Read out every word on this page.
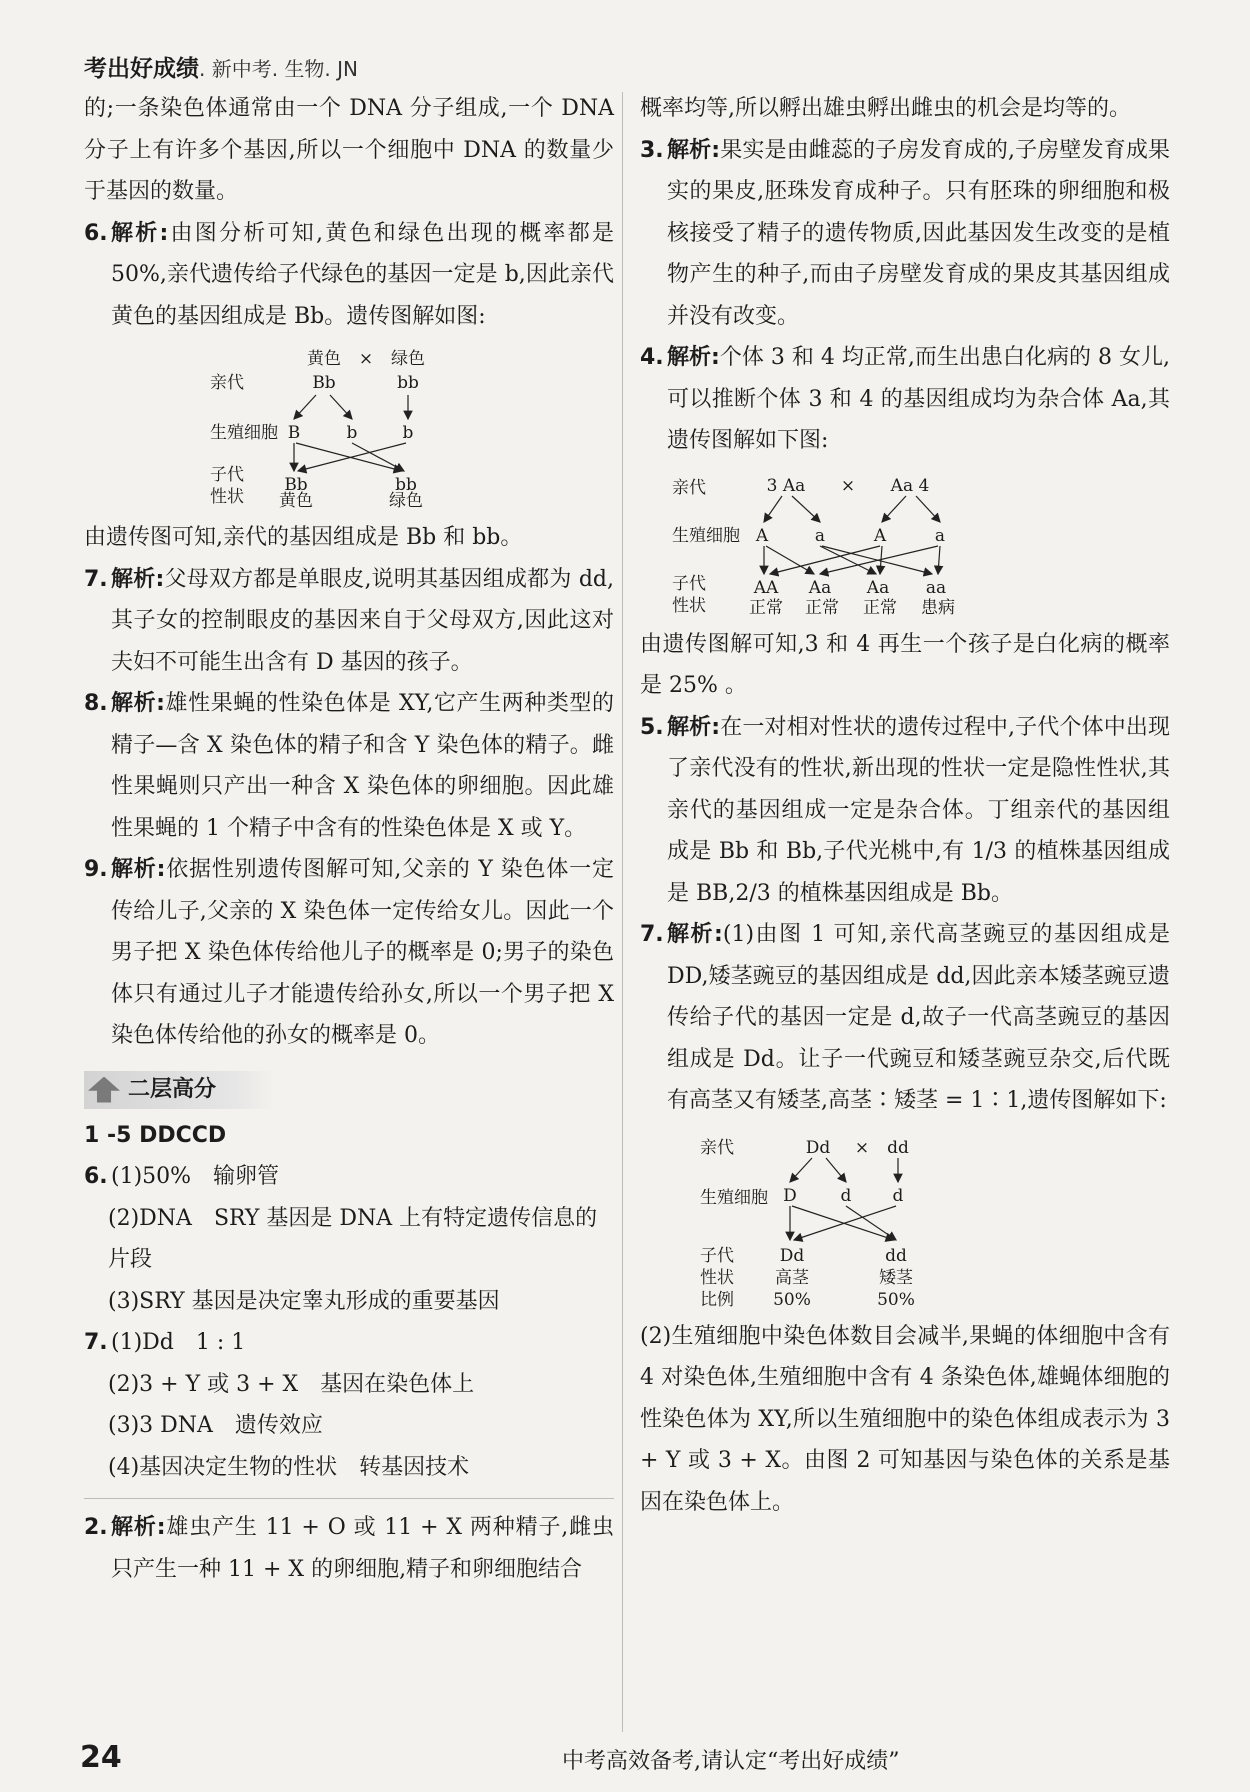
考出好成绩 . 新中考. 生物. JN

的;一条染色体通常由一个 DNA 分子组成,一个 DNA 分子上有许多个基因,所以一个细胞中 DNA 的数量少于基因的数量。

6. 解析:由图分析可知,黄色和绿色出现的概率都是 50%,亲代遗传给子代绿色的基因一定是 b,因此亲代黄色的基因组成是 Bb。遗传图解如图:

黄色 × 绿色
亲代	Bb	bb
生殖细胞 B	b	b
子代
性状
Bb	bb
黄色	绿色

由遗传图可知,亲代的基因组成是 Bb 和 bb。

7. 解析:父母双方都是单眼皮,说明其基因组成都为 dd,其子女的控制眼皮的基因来自于父母双方,因此这对夫妇不可能生出含有 D 基因的孩子。

8. 解析:雄性果蝇的性染色体是 XY,它产生两种类型的精子—含 X 染色体的精子和含 Y 染色体的精子。雌性果蝇则只产出一种含 X 染色体的卵细胞。因此雄性果蝇的 1 个精子中含有的性染色体是 X 或 Y。

9. 解析:依据性别遗传图解可知,父亲的 Y 染色体一定传给儿子,父亲的 X 染色体一定传给女儿。因此一个男子把 X 染色体传给他儿子的概率是 0;男子的染色体只有通过儿子才能遗传给孙女,所以一个男子把 X 染色体传给他的孙女的概率是 0。

二层高分

1 -5 DDCCD

6. (1)50%　输卵管

(2)DNA　SRY 基因是 DNA 上有特定遗传信息的片段

(3)SRY 基因是决定睾丸形成的重要基因

7. (1)Dd　1 : 1

(2)3 + Y 或 3 + X　基因在染色体上

(3)3 DNA　遗传效应

(4)基因决定生物的性状　转基因技术

2. 解析:雄虫产生 11 + O 或 11 + X 两种精子,雌虫只产生一种 11 + X 的卵细胞,精子和卵细胞结合

概率均等,所以孵出雄虫孵出雌虫的机会是均等的。

3. 解析:果实是由雌蕊的子房发育成的,子房壁发育成果实的果皮,胚珠发育成种子。只有胚珠的卵细胞和极核接受了精子的遗传物质,因此基因发生改变的是植物产生的种子,而由子房壁发育成的果皮其基因组成并没有改变。

4. 解析:个体 3 和 4 均正常,而生出患白化病的 8 女儿,可以推断个体 3 和 4 的基因组成均为杂合体 Aa,其遗传图解如下图:

亲代	3 Aa × Aa 4
生殖细胞 A	a	A	a
子代
性状
AA Aa Aa aa
正常 正常 正常 患病

由遗传图解可知,3 和 4 再生一个孩子是白化病的概率是 25% 。

5. 解析:在一对相对性状的遗传过程中,子代个体中出现了亲代没有的性状,新出现的性状一定是隐性性状,其亲代的基因组成一定是杂合体。丁组亲代的基因组成是 Bb 和 Bb,子代光桃中,有 1/3 的植株基因组成是 BB,2/3 的植株基因组成是 Bb。

7. 解析:(1)由图 1 可知,亲代高茎豌豆的基因组成是 DD,矮茎豌豆的基因组成是 dd,因此亲本矮茎豌豆遗传给子代的基因一定是 d,故子一代高茎豌豆的基因组成是 Dd。让子一代豌豆和矮茎豌豆杂交,后代既有高茎又有矮茎,高茎∶矮茎 = 1∶1,遗传图解如下:

亲代	Dd × dd
生殖细胞 D	d d
子代
性状
比例
Dd	dd
高茎	矮茎
50%	50%

(2)生殖细胞中染色体数目会减半,果蝇的体细胞中含有 4 对染色体,生殖细胞中含有 4 条染色体,雄蝇体细胞的性染色体为 XY,所以生殖细胞中的染色体组成表示为 3 + Y 或 3 + X。由图 2 可知基因与染色体的关系是基因在染色体上。

24	中考高效备考,请认定“考出好成绩”
